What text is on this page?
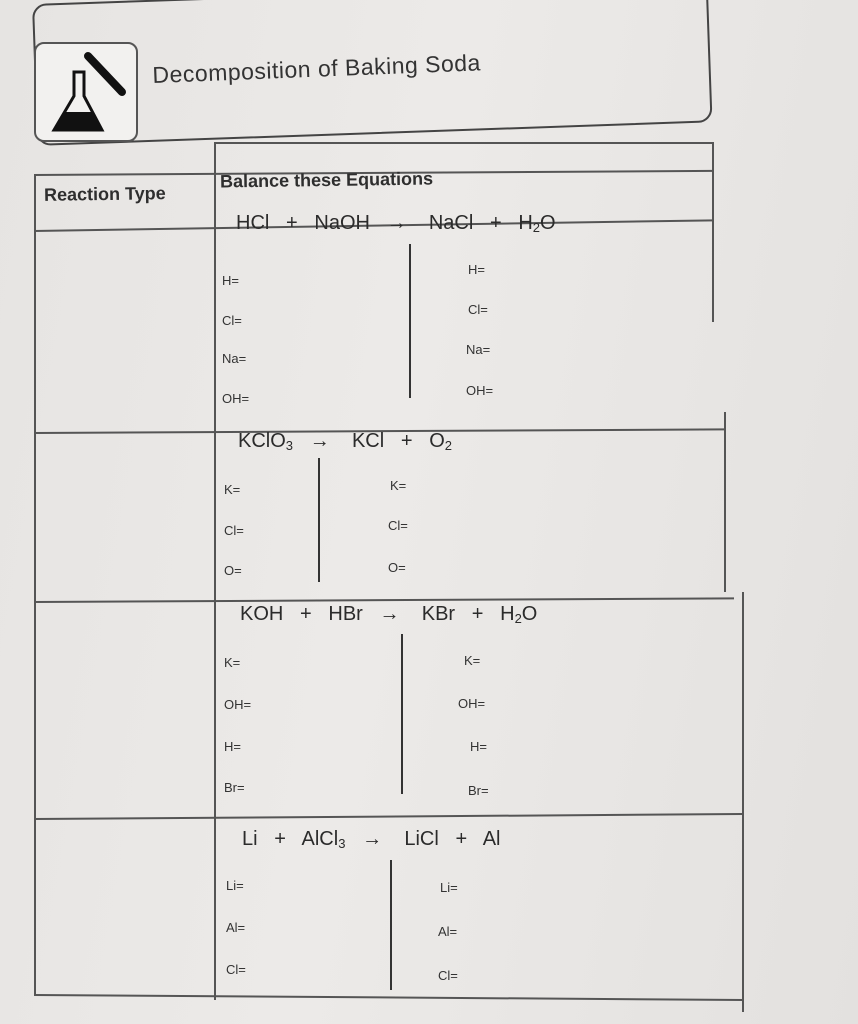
Decomposition of Baking Soda
Reaction Type
Balance these Equations
HCl + NaOH → NaCl + $H_2O$
H=
Cl=
Na=
OH=
H=
Cl=
Na=
OH=
KClO$_3$ → KCl + $O_2$
K=
Cl=
O=
K=
Cl=
O=
KOH + HBr → KBr + $H_2O$
K=
OH=
H=
Br=
K=
OH=
H=
Br=
Li + AlCl$_3$ → LiCl + Al
Li=
Al=
Cl=
Li=
Al=
Cl=
